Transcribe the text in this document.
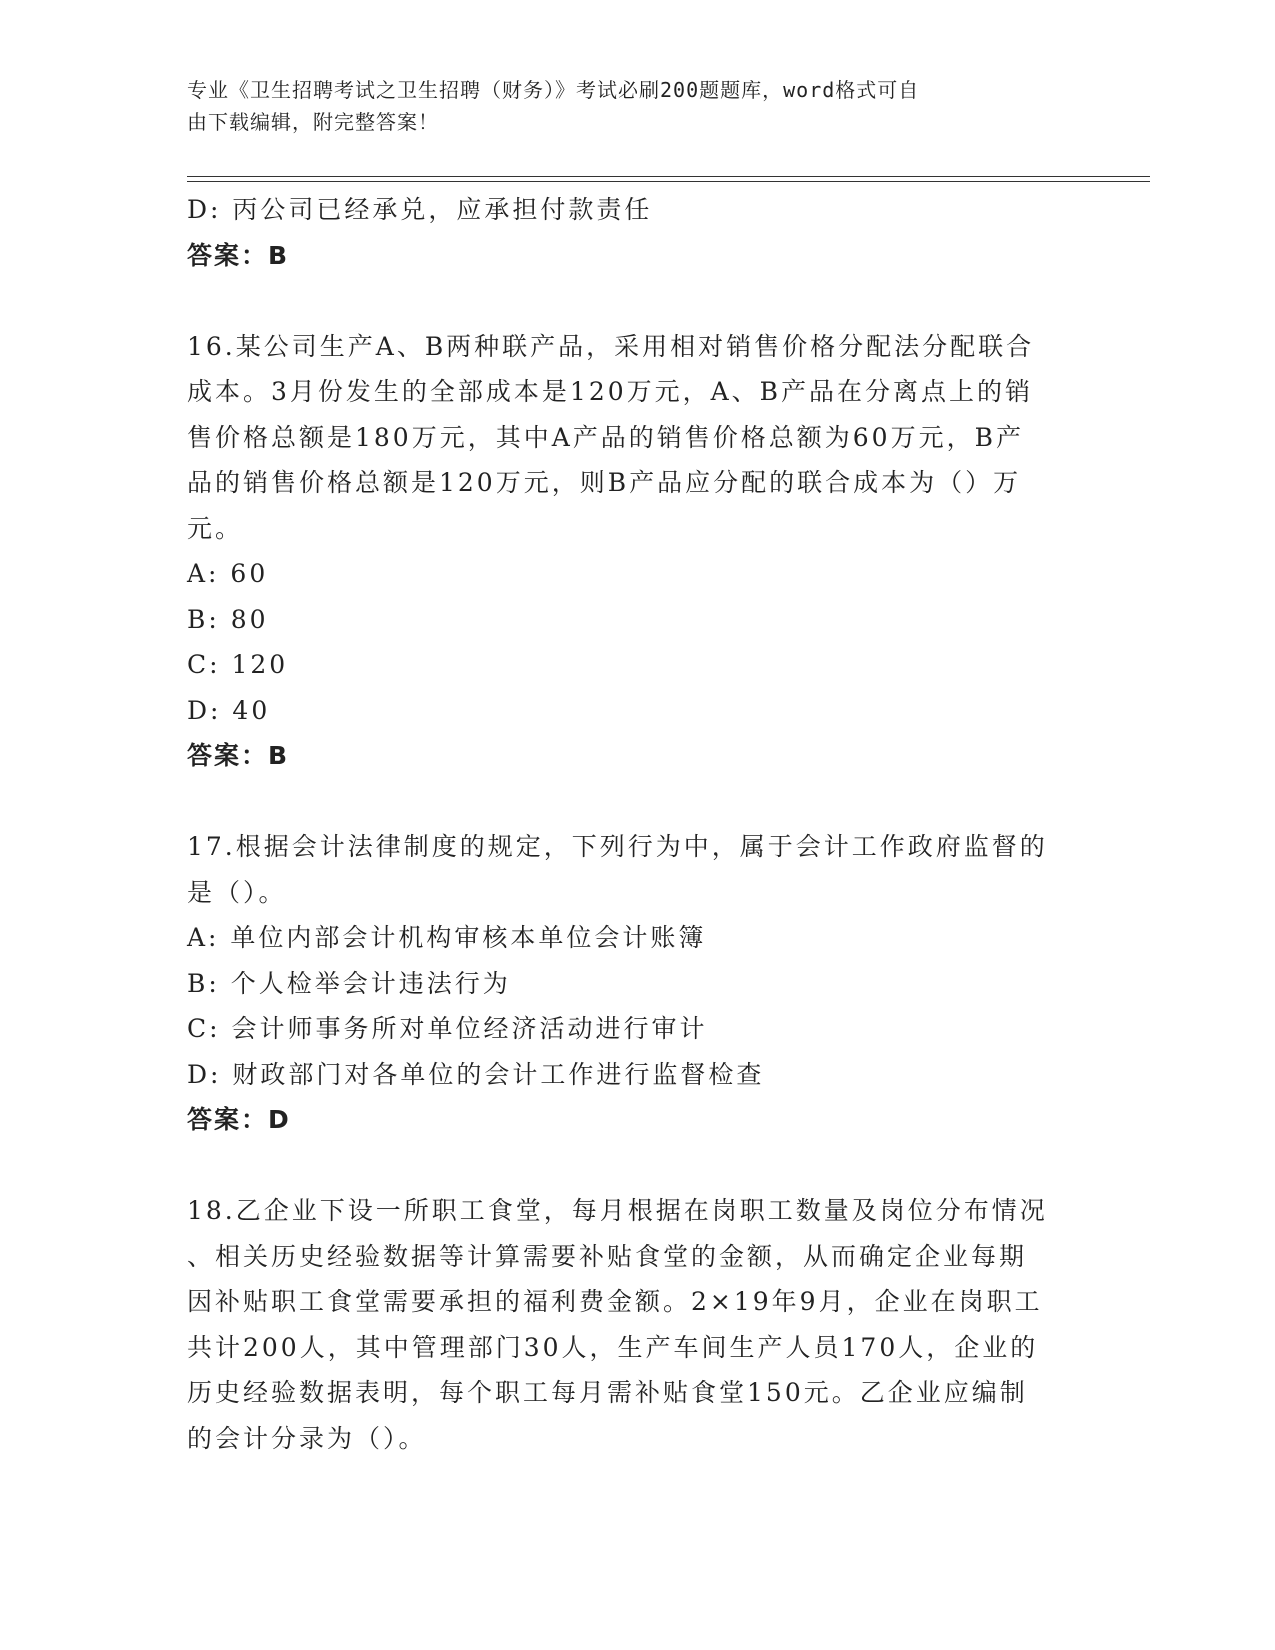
专业《卫生招聘考试之卫生招聘（财务）》考试必刷200题题库，word格式可自
由下载编辑，附完整答案！
D: 丙公司已经承兑，应承担付款责任
答案：B
16.某公司生产A、B两种联产品，采用相对销售价格分配法分配联合
成本。3月份发生的全部成本是120万元，A、B产品在分离点上的销
售价格总额是180万元，其中A产品的销售价格总额为60万元，B产
品的销售价格总额是120万元，则B产品应分配的联合成本为（）万
元。
A: 60
B: 80
C: 120
D: 40
答案：B
17.根据会计法律制度的规定，下列行为中，属于会计工作政府监督的
是（）。
A: 单位内部会计机构审核本单位会计账簿
B: 个人检举会计违法行为
C: 会计师事务所对单位经济活动进行审计
D: 财政部门对各单位的会计工作进行监督检查
答案：D
18.乙企业下设一所职工食堂，每月根据在岗职工数量及岗位分布情况
、相关历史经验数据等计算需要补贴食堂的金额，从而确定企业每期
因补贴职工食堂需要承担的福利费金额。2×19年9月，企业在岗职工
共计200人，其中管理部门30人，生产车间生产人员170人，企业的
历史经验数据表明，每个职工每月需补贴食堂150元。乙企业应编制
的会计分录为（）。
